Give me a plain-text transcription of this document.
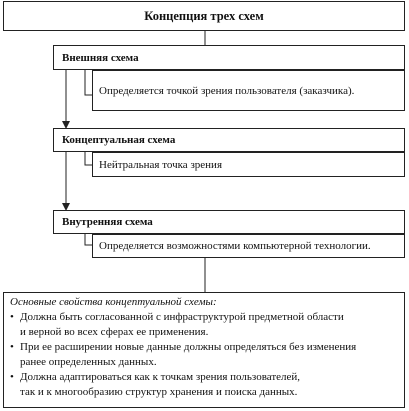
Концепция трех схем
Внешняя схема
Определяется точкой зрения пользователя (заказчика).
Концептуальная схема
Нейтральная точка зрения
Внутренняя схема
Определяется возможностями компьютерной технологии.
Основные свойства концептуальной схемы:
• Должна быть согласованной с инфраструктурой предметной области
и верной во всех сферах ее применения.
• При ее расширении новые данные должны определяться без изменения
ранее определенных данных.
• Должна адаптироваться как к точкам зрения пользователей,
так и к многообразию структур хранения и поиска данных.
